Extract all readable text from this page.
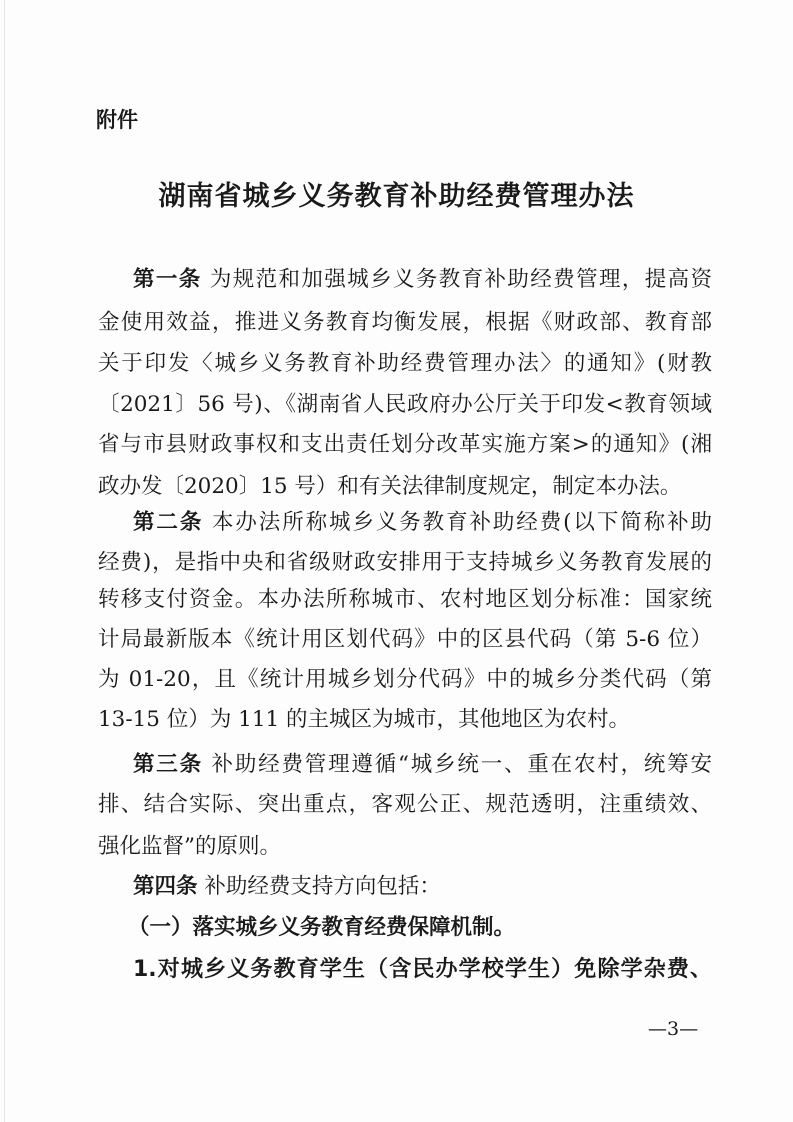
附件
湖南省城乡义务教育补助经费管理办法
第一条 为规范和加强城乡义务教育补助经费管理，提高资
金使用效益，推进义务教育均衡发展，根据《财政部、教育部
关于印发〈城乡义务教育补助经费管理办法〉的通知》(财教
〔2021〕56 号)、《湖南省人民政府办公厅关于印发<教育领域
省与市县财政事权和支出责任划分改革实施方案>的通知》(湘
政办发〔2020〕15 号）和有关法律制度规定，制定本办法。
第二条 本办法所称城乡义务教育补助经费(以下简称补助
经费)，是指中央和省级财政安排用于支持城乡义务教育发展的
转移支付资金。本办法所称城市、农村地区划分标准：国家统
计局最新版本《统计用区划代码》中的区县代码（第 5-6 位）
为 01-20，且《统计用城乡划分代码》中的城乡分类代码（第
13-15 位）为 111 的主城区为城市，其他地区为农村。
第三条 补助经费管理遵循“城乡统一、重在农村，统筹安
排、结合实际、突出重点，客观公正、规范透明，注重绩效、
强化监督”的原则。
第四条 补助经费支持方向包括：
（一）落实城乡义务教育经费保障机制。
1.对城乡义务教育学生（含民办学校学生）免除学杂费、
—3—
